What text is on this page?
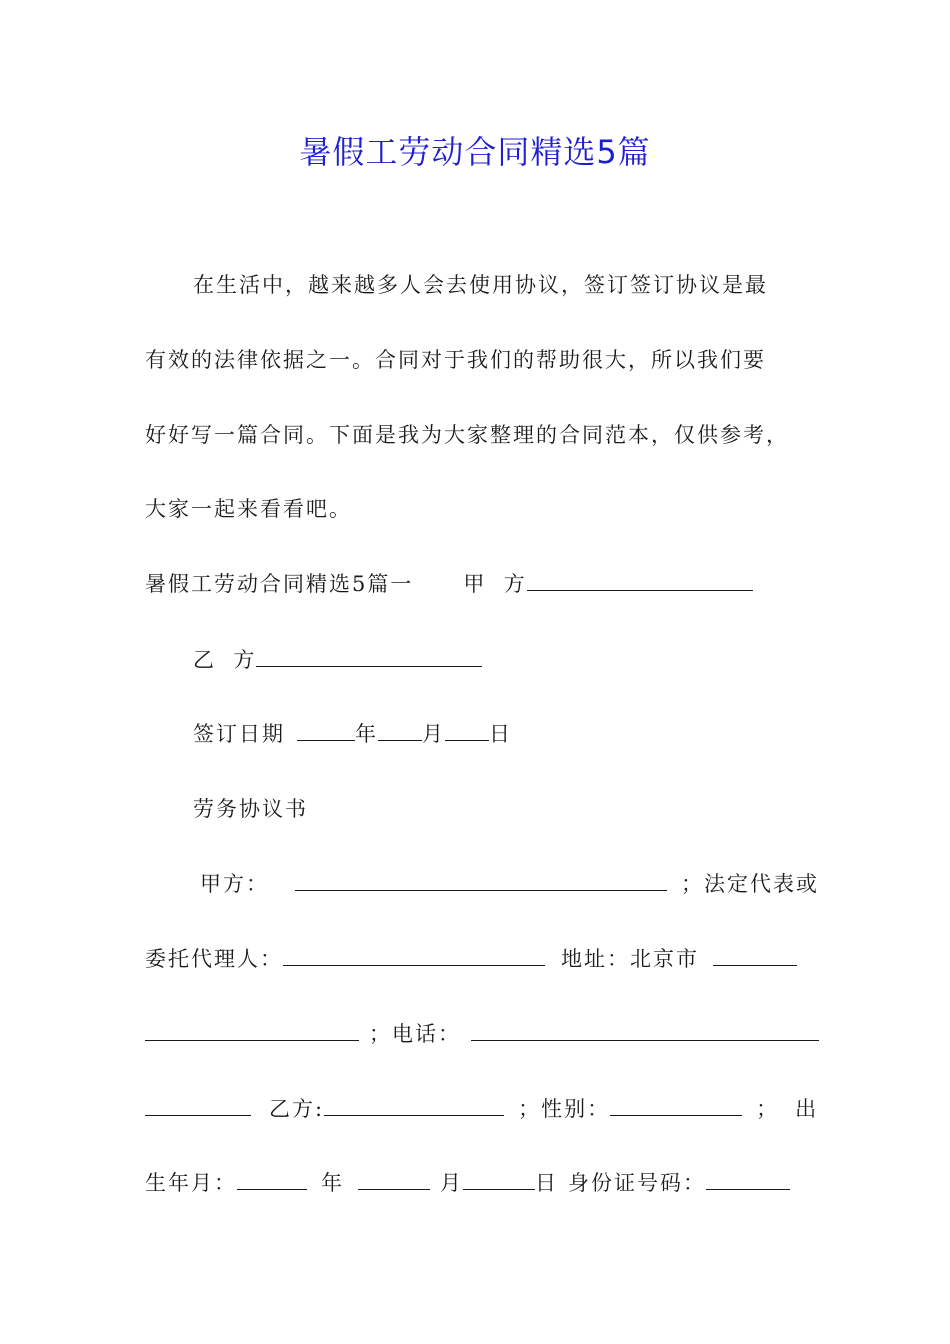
暑假工劳动合同精选5篇
在生活中，越来越多人会去使用协议，签订签订协议是最
有效的法律依据之一。合同对于我们的帮助很大，所以我们要
好好写一篇合同。下面是我为大家整理的合同范本，仅供参考，
大家一起来看看吧。
暑假工劳动合同精选5篇一 甲  方
乙  方
签订日期	年 月 日
劳务协议书
甲方：	；法定代表或
委托代理人：	地址：北京市
；电话：
乙方:	；性别：	；出
生年月：	年	月	日 身份证号码：
